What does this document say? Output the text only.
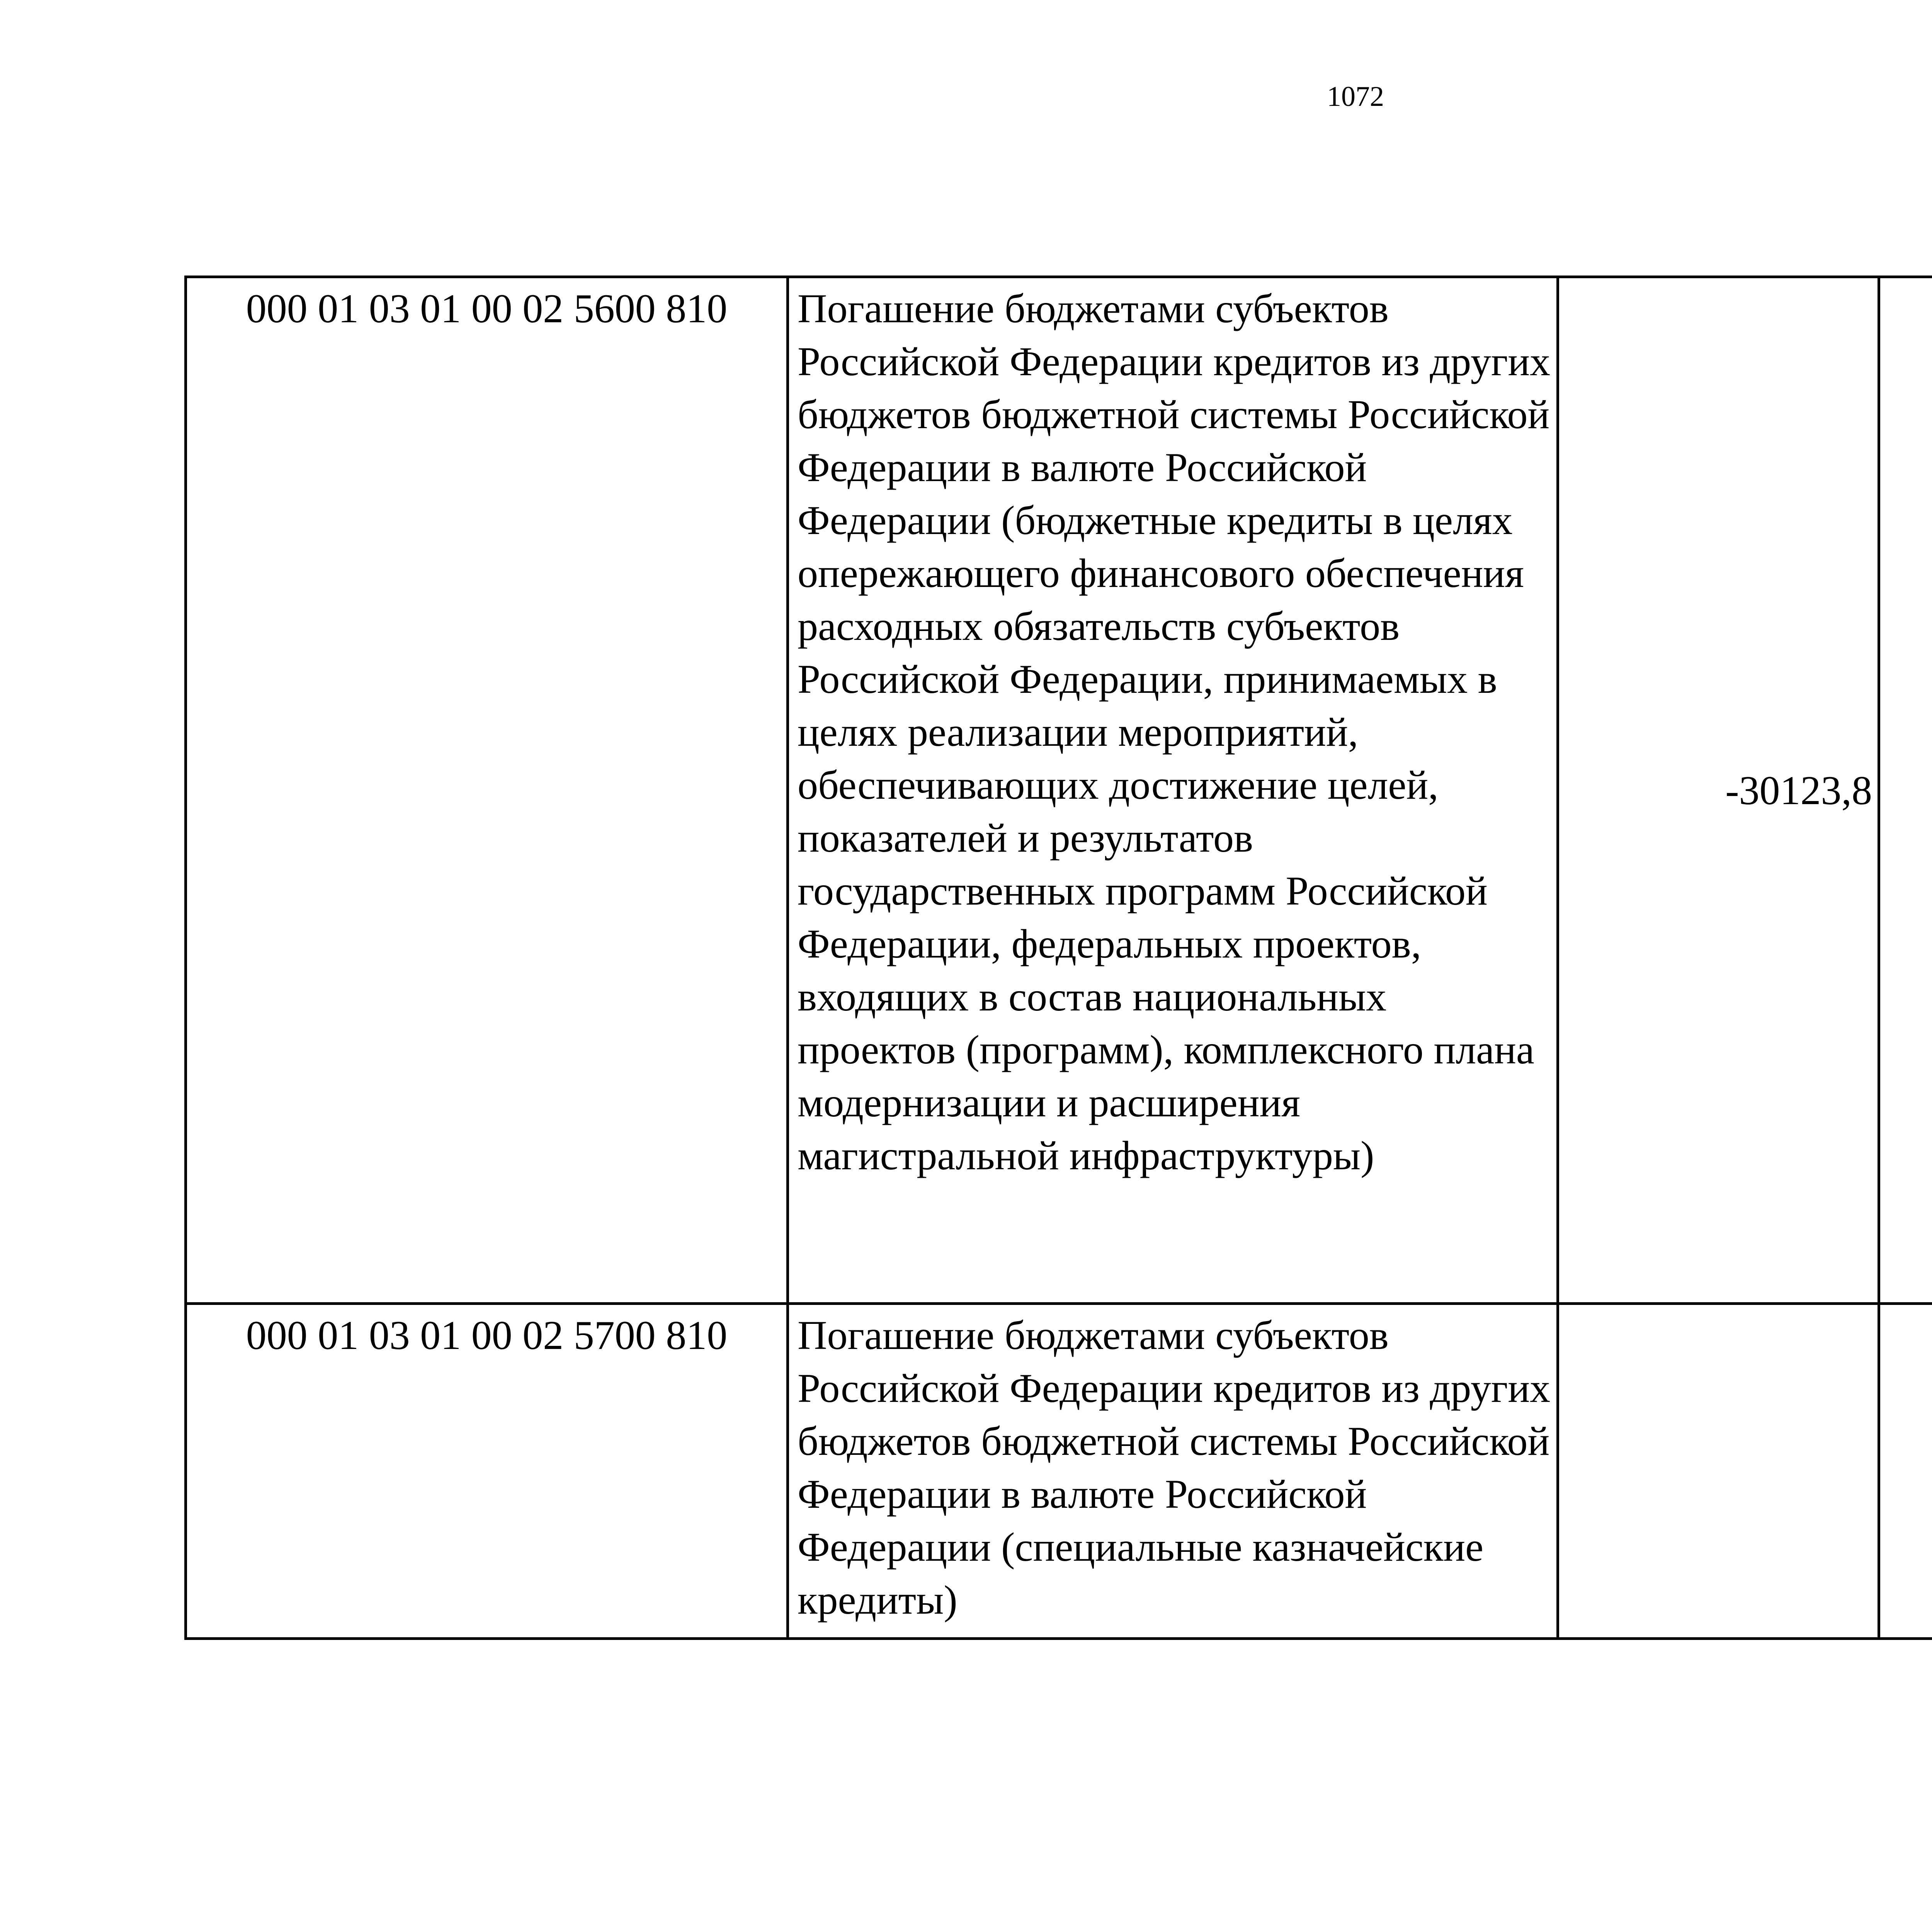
1072
000 01 03 01 00 02 5600 810	Погашение бюджетами субъектов Российской Федерации кредитов из других бюджетов бюджетной системы Российской Федерации в валюте Российской Федерации (бюджетные кредиты в целях опережающего финансового обеспечения расходных обязательств субъектов Российской Федерации, принимаемых в целях реализации мероприятий, обеспечивающих достижение целей, показателей и результатов государственных программ Российской Федерации, федеральных проектов, входящих в состав национальных проектов (программ), комплексного плана модернизации и расширения магистральной инфраструктуры)	-30123,8		
000 01 03 01 00 02 5700 810	Погашение бюджетами субъектов Российской Федерации кредитов из других бюджетов бюджетной системы Российской Федерации в валюте Российской Федерации (специальные казначейские кредиты)			
